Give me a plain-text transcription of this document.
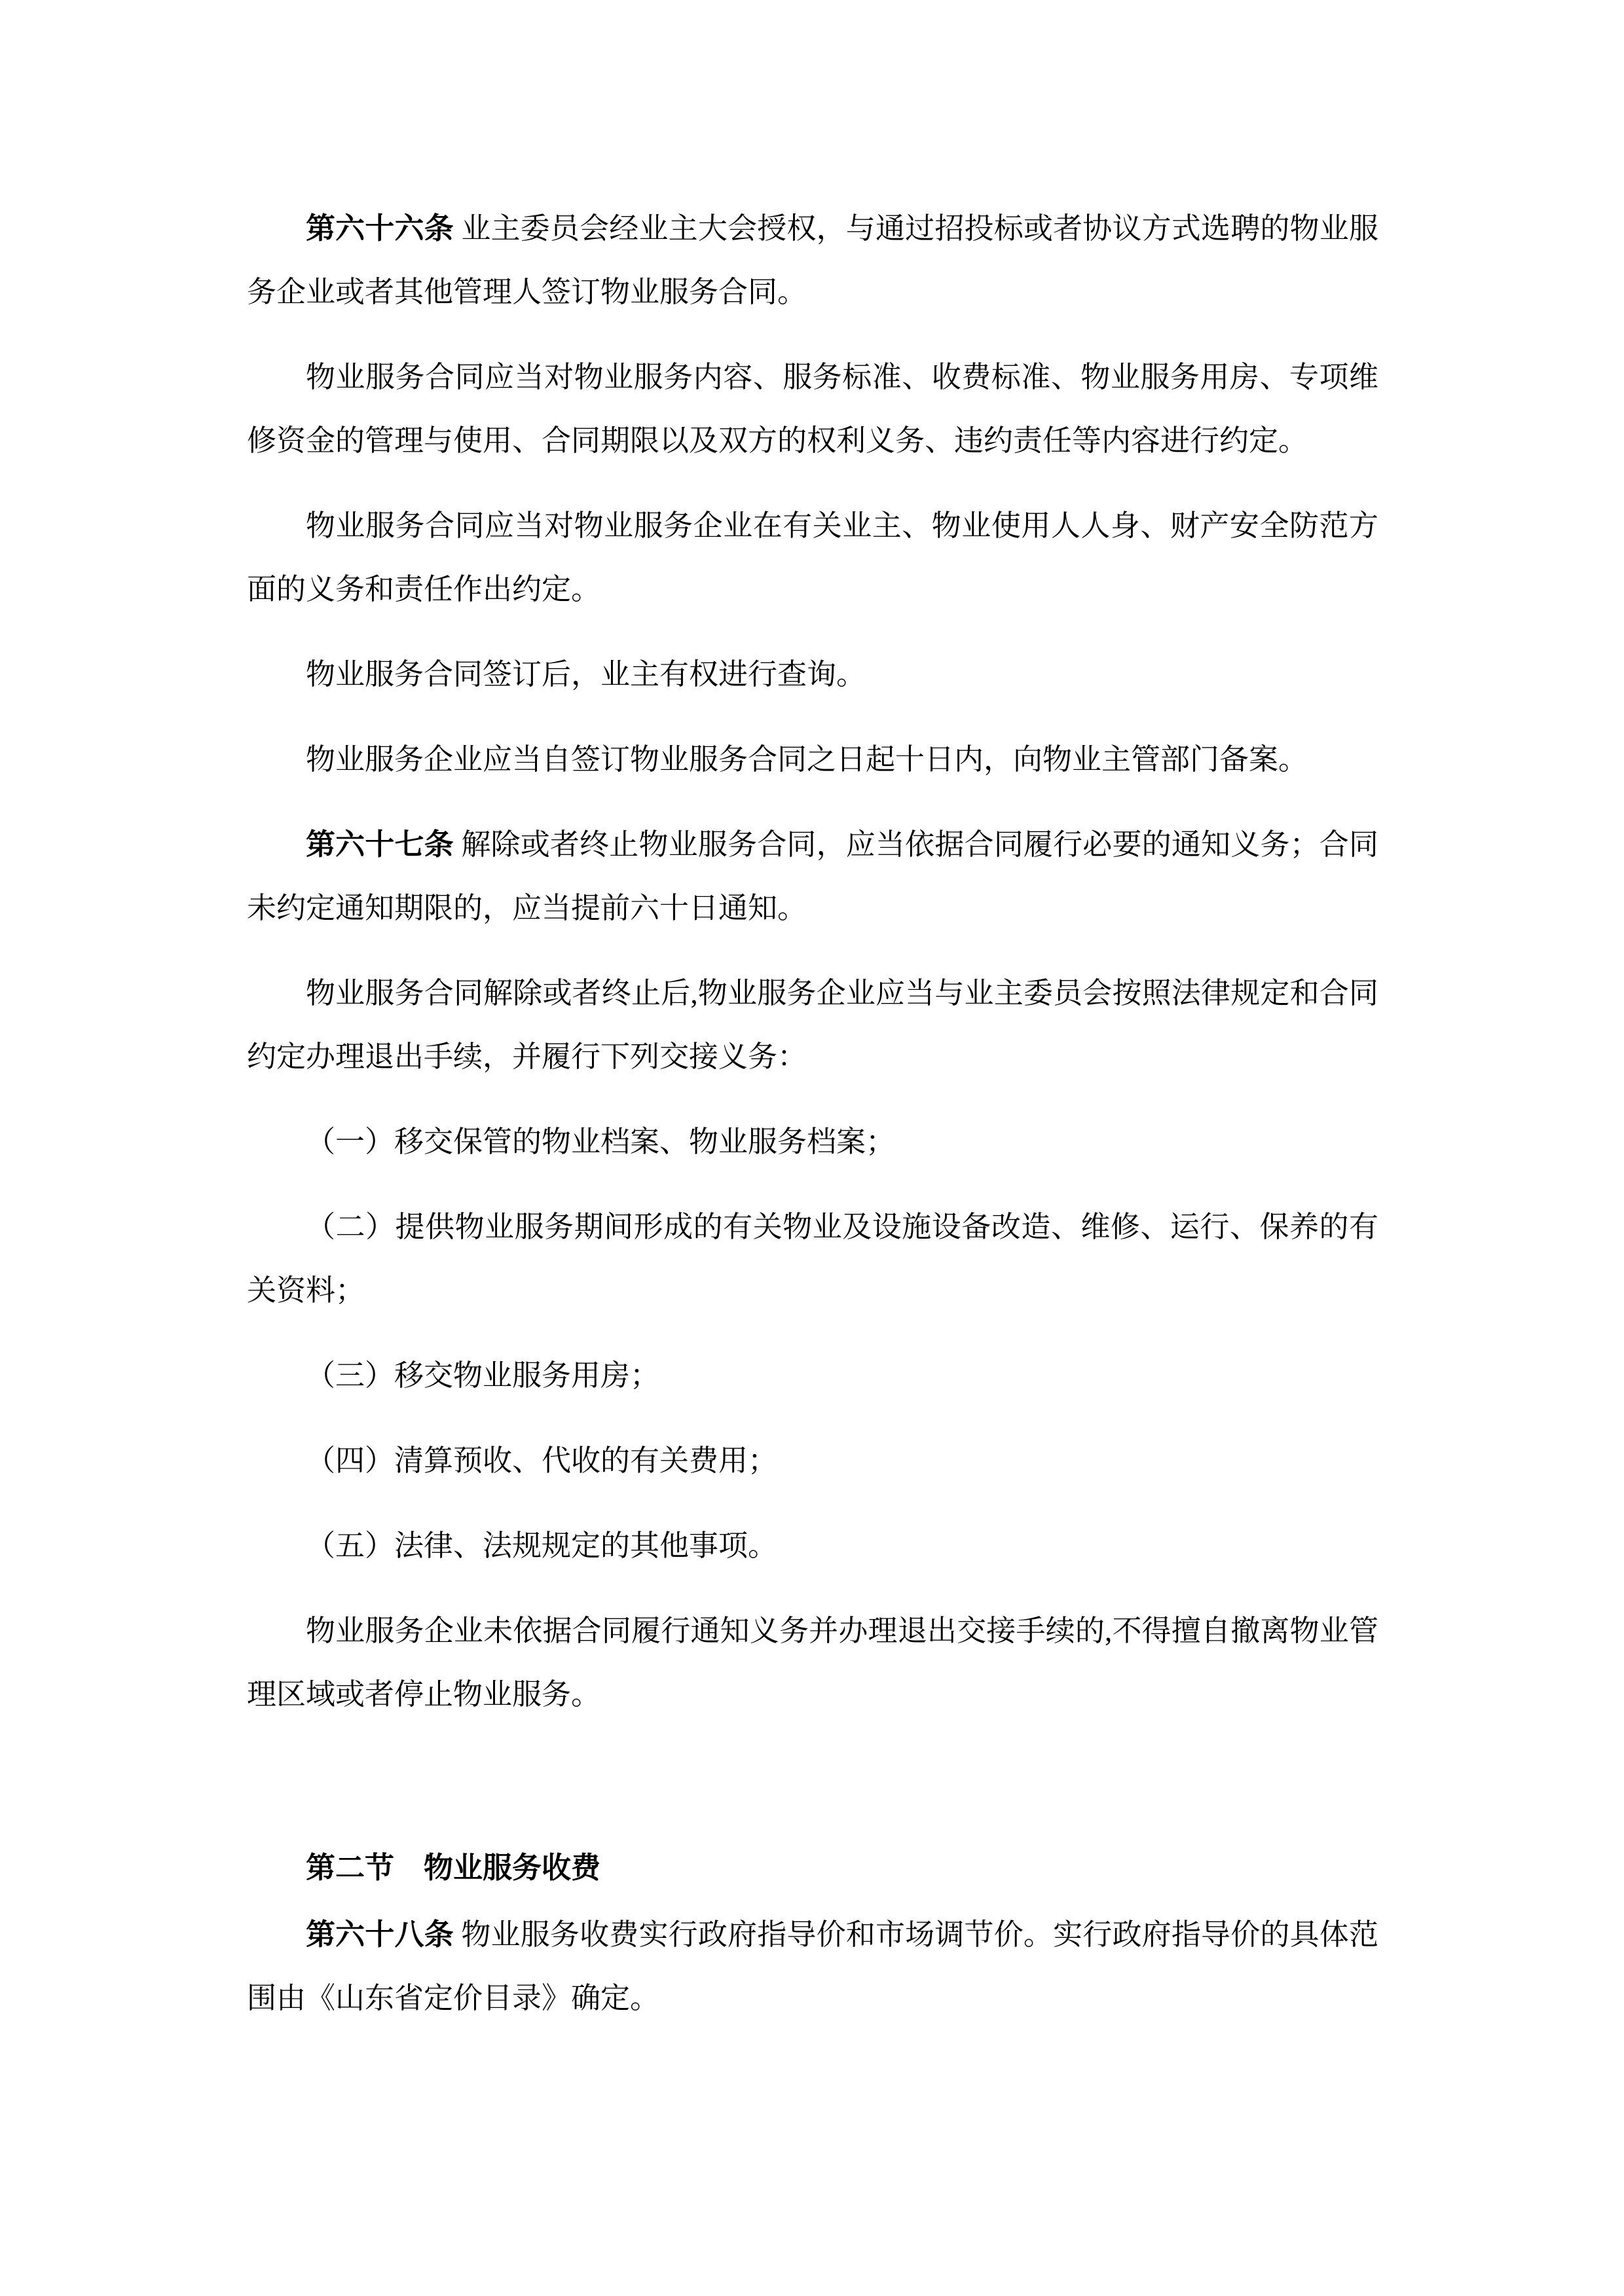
第六十六条 业主委员会经业主大会授权，与通过招投标或者协议方式选聘的物业服务企业或者其他管理人签订物业服务合同。

物业服务合同应当对物业服务内容、服务标准、收费标准、物业服务用房、专项维修资金的管理与使用、合同期限以及双方的权利义务、违约责任等内容进行约定。

物业服务合同应当对物业服务企业在有关业主、物业使用人人身、财产安全防范方面的义务和责任作出约定。

物业服务合同签订后，业主有权进行查询。

物业服务企业应当自签订物业服务合同之日起十日内，向物业主管部门备案。

第六十七条 解除或者终止物业服务合同，应当依据合同履行必要的通知义务；合同未约定通知期限的，应当提前六十日通知。

物业服务合同解除或者终止后,物业服务企业应当与业主委员会按照法律规定和合同约定办理退出手续，并履行下列交接义务：

（一）移交保管的物业档案、物业服务档案；

（二）提供物业服务期间形成的有关物业及设施设备改造、维修、运行、保养的有关资料；

（三）移交物业服务用房；

（四）清算预收、代收的有关费用；

（五）法律、法规规定的其他事项。

物业服务企业未依据合同履行通知义务并办理退出交接手续的,不得擅自撤离物业管理区域或者停止物业服务。

第二节　物业服务收费

第六十八条 物业服务收费实行政府指导价和市场调节价。实行政府指导价的具体范围由《山东省定价目录》确定。
